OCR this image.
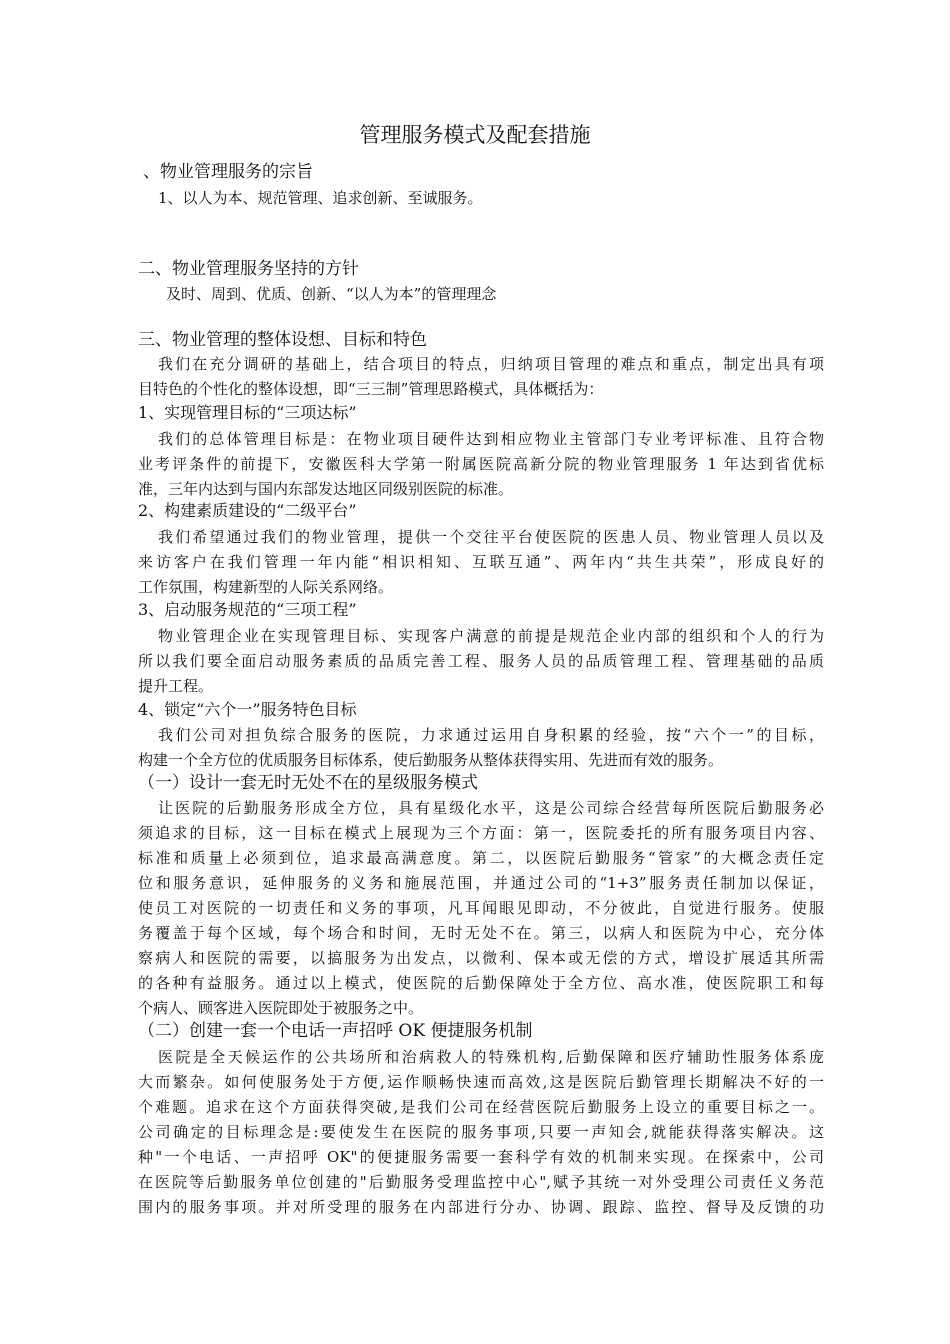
管理服务模式及配套措施
、物业管理服务的宗旨
1、以人为本、规范管理、追求创新、至诚服务。
二、物业管理服务坚持的方针
及时、周到、优质、创新、“以人为本”的管理理念
三、物业管理的整体设想、目标和特色
我们在充分调研的基础上，结合项目的特点，归纳项目管理的难点和重点，制定出具有项
目特色的个性化的整体设想，即“三三制”管理思路模式，具体概括为：
1、实现管理目标的“三项达标”
我们的总体管理目标是：在物业项目硬件达到相应物业主管部门专业考评标准、且符合物
业考评条件的前提下，安徽医科大学第一附属医院高新分院的物业管理服务 1 年达到省优标
准，三年内达到与国内东部发达地区同级别医院的标准。
2、构建素质建设的“二级平台”
我们希望通过我们的物业管理，提供一个交往平台使医院的医患人员、物业管理人员以及
来访客户在我们管理一年内能“相识相知、互联互通”、两年内“共生共荣”，形成良好的
工作氛围，构建新型的人际关系网络。
3、启动服务规范的“三项工程”
物业管理企业在实现管理目标、实现客户满意的前提是规范企业内部的组织和个人的行为
所以我们要全面启动服务素质的品质完善工程、服务人员的品质管理工程、管理基础的品质
提升工程。
4、锁定“六个一”服务特色目标
我们公司对担负综合服务的医院，力求通过运用自身积累的经验，按“六个一”的目标，
构建一个全方位的优质服务目标体系，使后勤服务从整体获得实用、先进而有效的服务。
（一）设计一套无时无处不在的星级服务模式
让医院的后勤服务形成全方位，具有星级化水平，这是公司综合经营每所医院后勤服务必
须追求的目标，这一目标在模式上展现为三个方面：第一，医院委托的所有服务项目内容、
标准和质量上必须到位，追求最高满意度。第二，以医院后勤服务“管家”的大概念责任定
位和服务意识，延伸服务的义务和施展范围，并通过公司的“1+3”服务责任制加以保证，
使员工对医院的一切责任和义务的事项，凡耳闻眼见即动，不分彼此，自觉进行服务。使服
务覆盖于每个区域，每个场合和时间，无时无处不在。第三，以病人和医院为中心，充分体
察病人和医院的需要，以搞服务为出发点，以微利、保本或无偿的方式，增设扩展适其所需
的各种有益服务。通过以上模式，使医院的后勤保障处于全方位、高水准，使医院职工和每
个病人、顾客进入医院即处于被服务之中。
（二）创建一套一个电话一声招呼 OK 便捷服务机制
医院是全天候运作的公共场所和治病救人的特殊机构,后勤保障和医疗辅助性服务体系庞
大而繁杂。如何使服务处于方便,运作顺畅快速而高效,这是医院后勤管理长期解决不好的一
个难题。追求在这个方面获得突破,是我们公司在经营医院后勤服务上设立的重要目标之一。
公司确定的目标理念是:要使发生在医院的服务事项,只要一声知会,就能获得落实解决。这
种"一个电话、一声招呼 OK"的便捷服务需要一套科学有效的机制来实现。在探索中，公司
在医院等后勤服务单位创建的"后勤服务受理监控中心",赋予其统一对外受理公司责任义务范
围内的服务事项。并对所受理的服务在内部进行分办、协调、跟踪、监控、督导及反馈的功
